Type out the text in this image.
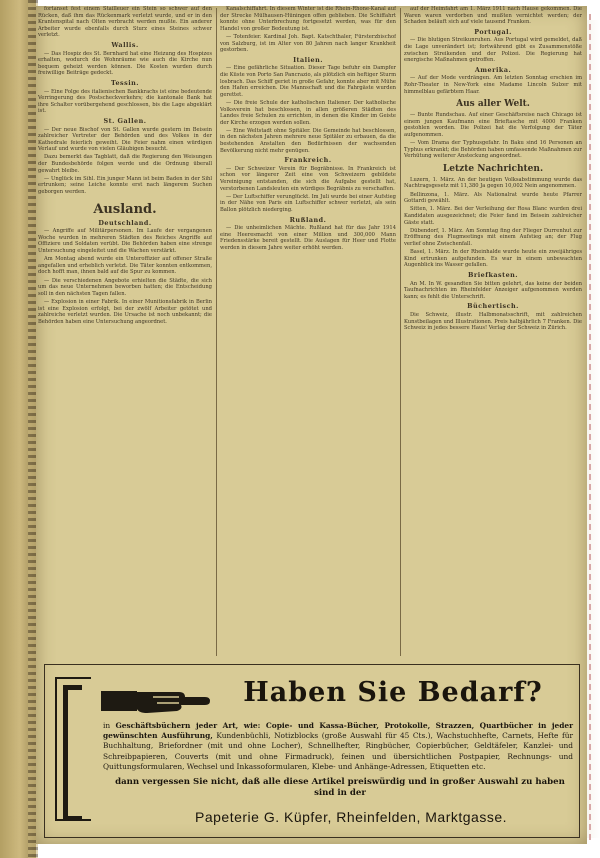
fortanset fest einem Stailleuer ein Stein so schwer auf den Rücken, daß ihm das Rückenmark verletzt wurde, und er in den Krantenspital nach Olten verbracht werden mußte. Ein anderer Arbeiter wurde ebenfalls durch Sturz eines Steines schwer verletzt.

Wallis.

— Das Hospiz des St. Bernhard hat eine Heizung des Hospizes erhalten, wodurch die Wohnräume wie auch die Kirche nun bequem geheizt werden können. Die Kosten wurden durch freiwillige Beiträge gedeckt.

Tessin.

— Eine Folge des italienischen Bankkrachs ist eine bedeutende Verringerung des Postscheckverkehrs; die kantonale Bank hat ihre Schalter vorübergehend geschlossen, bis die Lage abgeklärt ist.

St. Gallen.

— Der neue Bischof von St. Gallen wurde gestern im Beisein zahlreicher Vertreter der Behörden und des Volkes in der Kathedrale feierlich geweiht. Die Feier nahm einen würdigen Verlauf und wurde von vielen Gläubigen besucht.

Dazu bemerkt das Tagblatt, daß die Regierung den Weisungen der Bundesbehörde folgen werde und die Ordnung überall gewahrt bleibe.

— Unglück im Sihl. Ein junger Mann ist beim Baden in der Sihl ertrunken; seine Leiche konnte erst nach längerem Suchen geborgen werden.

Ausland.
Deutschland.

— Angriffe auf Militärpersonen. Im Laufe der vergangenen Woche wurden in mehreren Städten des Reiches Angriffe auf Offiziere und Soldaten verübt. Die Behörden haben eine strenge Untersuchung eingeleitet und die Wachen verstärkt.

Am Montag abend wurde ein Unteroffizier auf offener Straße angefallen und erheblich verletzt. Die Täter konnten entkommen, doch hofft man, ihnen bald auf die Spur zu kommen.

— Die verschiedenen Angebote erhielten die Städte, die sich um das neue Unternehmen beworben hatten; die Entscheidung soll in den nächsten Tagen fallen.

— Explosion in einer Fabrik. In einer Munitionsfabrik in Berlin ist eine Explosion erfolgt, bei der zwölf Arbeiter getötet und zahlreiche verletzt wurden. Die Ursache ist noch unbekannt; die Behörden haben eine Untersuchung angeordnet.

Kanalschiffahrt. In diesem Winter ist die Rhein-Rhone-Kanal auf der Strecke Mülhausen-Hüningen offen geblieben. Die Schiffahrt konnte ohne Unterbrechung fortgesetzt werden, was für den Handel von großer Bedeutung ist.

— Totenfeier. Kardinal Joh. Bapt. Katschthaler, Fürsterzbischof von Salzburg, ist im Alter von 80 Jahren nach langer Krankheit gestorben.

Italien.

— Eine gefährliche Situation. Dieser Tage befuhr ein Dampfer die Küste von Porto San Pancrazio, als plötzlich ein heftiger Sturm losbrach. Das Schiff geriet in große Gefahr, konnte aber mit Mühe den Hafen erreichen. Die Mannschaft und die Fahrgäste wurden gerettet.

— Die freie Schule der katholischen Italiener. Der katholische Volksverein hat beschlossen, in allen größeren Städten des Landes freie Schulen zu errichten, in denen die Kinder im Geiste der Kirche erzogen werden sollen.

— Eine Weltstadt ohne Spitäler. Die Gemeinde hat beschlossen, in den nächsten Jahren mehrere neue Spitäler zu erbauen, da die bestehenden Anstalten den Bedürfnissen der wachsenden Bevölkerung nicht mehr genügen.

Frankreich.

— Der Schweizer Verein für Begräbnisse. In Frankreich ist schon vor längerer Zeit eine von Schweizern gebildete Vereinigung entstanden, die sich die Aufgabe gestellt hat, verstorbenen Landsleuten ein würdiges Begräbnis zu verschaffen.

— Der Luftschiffer verunglückt. Im Juli wurde bei einer Aufstieg in der Nähe von Paris ein Luftschiffer schwer verletzt, als sein Ballon plötzlich niederging.

Rußland.

— Die unheimlichen Mächte. Rußland hat für das Jahr 1914 eine Heeresmacht von einer Million und 300,000 Mann Friedensstärke bereit gestellt. Die Auslagen für Heer und Flotte werden in diesem Jahre weiter erhöht werden.

auf der Heimfahrt am 1. März 1911 nach Hause gekommen. Die Waren waren verdorben und mußten vernichtet werden; der Schaden beläuft sich auf viele tausend Franken.

Portugal.

— Die blutigen Streikunruhen. Aus Portugal wird gemeldet, daß die Lage unverändert ist; fortwährend gibt es Zusammenstöße zwischen Streikenden und der Polizei. Die Regierung hat energische Maßnahmen getroffen.

Amerika.

— Auf der Mode verdrängen. Am letzten Sonntag erschien im Rohr-Theater in New-York eine Madame Lincoln Sulzer mit himmelblau gefärbtem Haar.

Aus aller Welt.

— Bunte Rundschau. Auf einer Geschäftsreise nach Chicago ist einem jungen Kaufmann eine Brieftasche mit 4000 Franken gestohlen worden. Die Polizei hat die Verfolgung der Täter aufgenommen.

— Vom Drama der Typhusgefahr. In Baku sind 16 Personen an Typhus erkrankt; die Behörden haben umfassende Maßnahmen zur Verhütung weiterer Ansteckung angeordnet.

Letzte Nachrichten.

Luzern, 1. März. An der heutigen Volksabstimmung wurde das Nachtragsgesetz mit 11,380 Ja gegen 10,002 Nein angenommen.

Bellinzona, 1. März. Als Nationalrat wurde heute Pfarrer Gottardi gewählt.

Sitten, 1. März. Bei der Verleihung der Rosa Blanc wurden drei Kandidaten ausgezeichnet; die Feier fand im Beisein zahlreicher Gäste statt.

Dübendorf, 1. März. Am Sonntag fing der Flieger Durrenhut zur Eröffnung des Flugmeetings mit einem Aufstieg an; der Flug verlief ohne Zwischenfall.

Basel, 1. März. In der Rheinhalde wurde heute ein zweijähriges Kind ertrunken aufgefunden. Es war in einem unbewachten Augenblick ins Wasser gefallen.

Briefkasten.

An M. In W. gesandten Sie bitten gelehrt, das keine der beiden Taufnachrichten im Rheinfelder Anzeiger aufgenommen werden kann; es fehlt die Unterschrift.

Büchertisch.

Die Schweiz, illustr. Halbmonatsschrift, mit zahlreichen Kunstbeilagen und Illustrationen. Preis halbjährlich 7 Franken. Die Schweiz in jedes bessere Haus! Verlag der Schweiz in Zürich.

Haben Sie Bedarf?
in Geschäftsbüchern jeder Art, wie: Copie- und Kassa-Bücher, Protokolle, Strazzen, Quartbücher in jeder gewünschten Ausführung, Kundenbüchli, Notizblocks (große Auswahl für 45 Cts.), Wachstuchhefte, Carnets, Hefte für Buchhaltung, Briefordner (mit und ohne Locher), Schnellhefter, Ringbücher, Copierbücher, Geldtäfeler, Kanzlei- und Schreibpapieren, Couverts (mit und ohne Firmadruck), feinen und übersichtlichen Postpapier, Rechnungs- und Quittungsformularen, Wechsel und Inkassoformularen, Klebe- und Anhänge-Adressen, Etiquetten etc.
dann vergessen Sie nicht, daß alle diese Artikel preiswürdig und in großer Auswahl zu haben sind in der
Papeterie G. Küpfer, Rheinfelden, Marktgasse.
